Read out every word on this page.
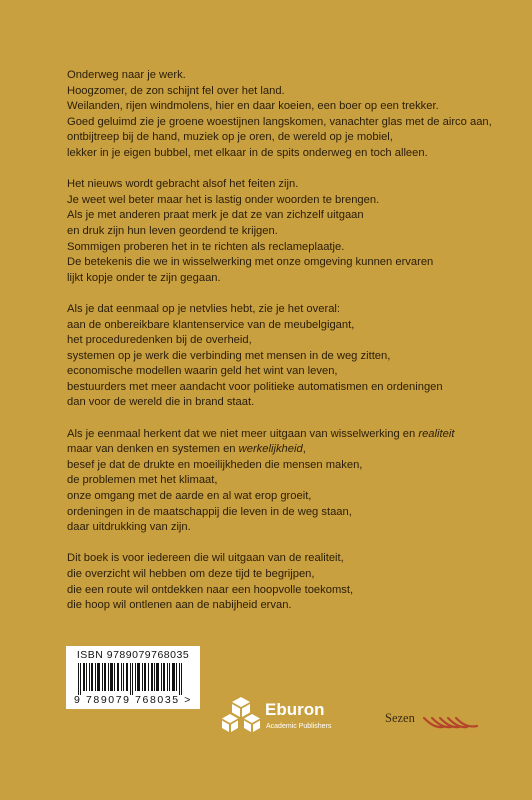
Onderweg naar je werk.
Hoogzomer, de zon schijnt fel over het land.
Weilanden, rijen windmolens, hier en daar koeien, een boer op een trekker.
Goed geluimd zie je groene woestijnen langskomen, vanachter glas met de airco aan,
ontbijtreep bij de hand, muziek op je oren, de wereld op je mobiel,
lekker in je eigen bubbel, met elkaar in de spits onderweg en toch alleen.
Het nieuws wordt gebracht alsof het feiten zijn.
Je weet wel beter maar het is lastig onder woorden te brengen.
Als je met anderen praat merk je dat ze van zichzelf uitgaan
en druk zijn hun leven geordend te krijgen.
Sommigen proberen het in te richten als reclameplaatje.
De betekenis die we in wisselwerking met onze omgeving kunnen ervaren
lijkt kopje onder te zijn gegaan.
Als je dat eenmaal op je netvlies hebt, zie je het overal:
aan de onbereikbare klantenservice van de meubelgigant,
het proceduredenken bij de overheid,
systemen op je werk die verbinding met mensen in de weg zitten,
economische modellen waarin geld het wint van leven,
bestuurders met meer aandacht voor politieke automatismen en ordeningen
dan voor de wereld die in brand staat.
Als je eenmaal herkent dat we niet meer uitgaan van wisselwerking en realiteit
maar van denken en systemen en werkelijkheid,
besef je dat de drukte en moeilijkheden die mensen maken,
de problemen met het klimaat,
onze omgang met de aarde en al wat erop groeit,
ordeningen in de maatschappij die leven in de weg staan,
daar uitdrukking van zijn.
Dit boek is voor iedereen die wil uitgaan van de realiteit,
die overzicht wil hebben om deze tijd te begrijpen,
die een route wil ontdekken naar een hoopvolle toekomst,
die hoop wil ontlenen aan de nabijheid ervan.
ISBN 9789079768035
9 789079 768035 >	Eburon
Academic Publishers
Sezen
